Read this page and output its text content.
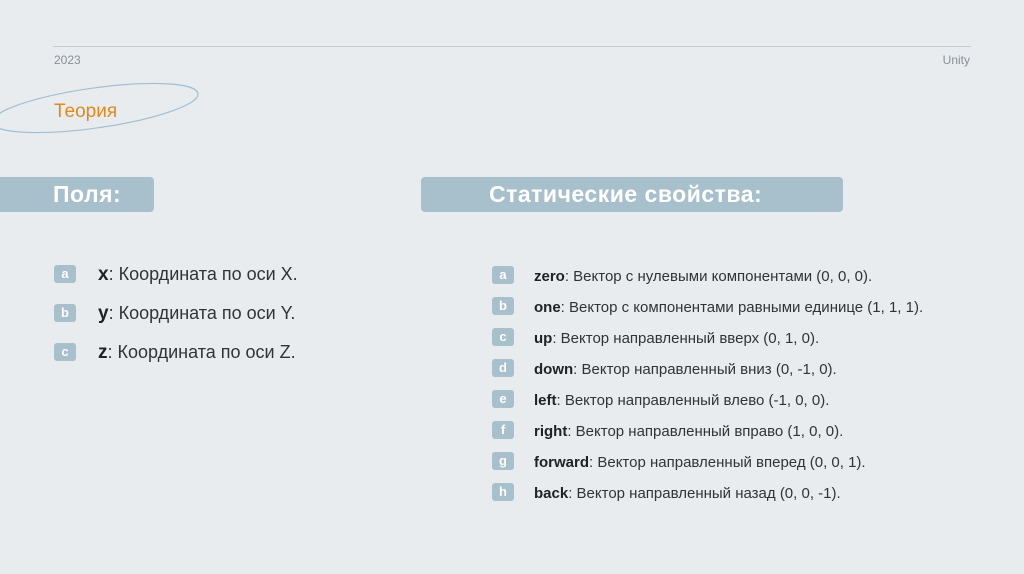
2023	Unity
Теория
Поля:	Статические свойства:
a	x: Координата по оси X.
b	y: Координата по оси Y.
c	z: Координата по оси Z.
a	zero: Вектор с нулевыми компонентами (0, 0, 0).
b	one: Вектор с компонентами равными единице (1, 1, 1).
c	up: Вектор направленный вверх (0, 1, 0).
d	down: Вектор направленный вниз (0, -1, 0).
e	left: Вектор направленный влево (-1, 0, 0).
f	right: Вектор направленный вправо (1, 0, 0).
g	forward: Вектор направленный вперед (0, 0, 1).
h	back: Вектор направленный назад (0, 0, -1).
